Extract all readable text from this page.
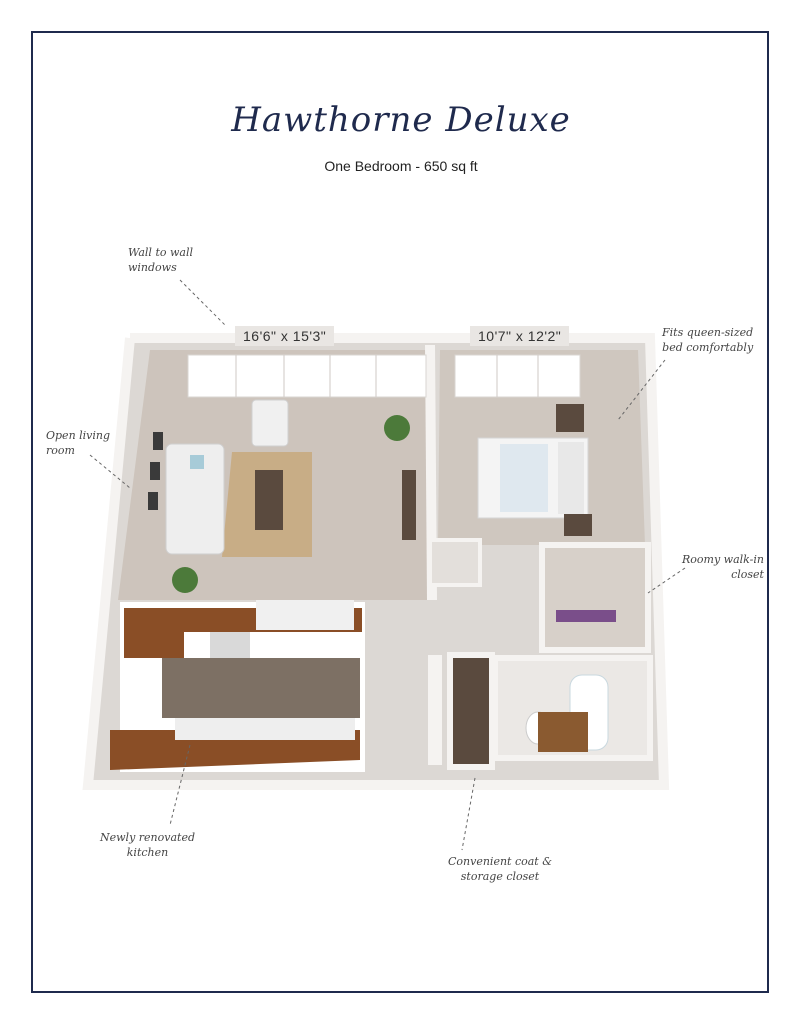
Hawthorne Deluxe
One Bedroom - 650 sq ft
16'6" x 15'3"	10'7" x 12'2"
Wall to wall
windows
Open living
room
Fits queen-sized
bed comfortably
Roomy walk-in
closet
Newly renovated
kitchen
Convenient coat &
storage closet
